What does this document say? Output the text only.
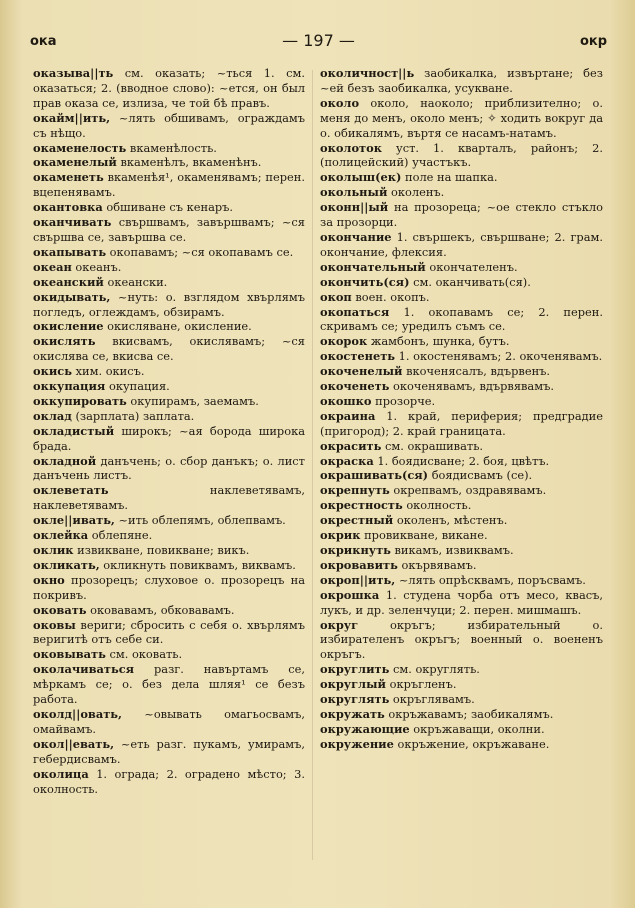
ока	— 197 —	окр

оказыва||ть см. оказать; ~ться 1. см. оказаться; 2. (вводное слово): ~ется, он был прав оказа се, излиза, че той бѣ правъ.

окайм||ить, ~лять обшивамъ, ограждамъ съ нѣщо.

окаменелость вкаменѣлость.

окаменелый вкаменѣлъ, вкаменѣнъ.

окаменеть вкаменѣя¹, окаменявамъ; перен. вцепенявамъ.

окантовка обшиване съ кенаръ.

оканчивать свършвамъ, завършвамъ; ~ся свършва се, завършва се.

окапывать окопавамъ; ~ся окопавамъ се.

океан океанъ.

океанский океански.

окидывать, ~нуть: о. взглядом хвърлямъ погледъ, оглеждамъ, обзирамъ.

окисление окисляване, окисление.

окислять вкисвамъ, окислявамъ; ~ся окислява се, вкисва се.

окись хим. окисъ.

оккупация окупация.

оккупировать окупирамъ, заемамъ.

оклад (зарплата) заплата.

окладистый широкъ; ~ая борода широка брада.

окладной данъчень; о. сбор данъкъ; о. лист данъчень листъ.

оклеветать наклеветявамъ, наклеветявамъ.

окле||ивать, ~ить облепямъ, облепвамъ.

оклейка облепяне.

оклик извикване, повикване; викъ.

окликать, окликнуть повиквамъ, виквамъ.

окно прозорецъ; слуховое о. прозорецъ на покривъ.

оковать оковавамъ, обковавамъ.

оковы вериги; сбросить с себя о. хвърлямъ веригитѣ отъ себе си.

оковывать см. оковать.

околачиваться разг. навъртамъ се, мѣркамъ се; о. без дела шляя¹ се безъ работа.

околд||овать, ~овывать омагьосвамъ, омайвамъ.

окол||евать, ~еть разг. пукамъ, умирамъ, гебердисвамъ.

околица 1. ограда; 2. оградено мѣсто; 3. околность.

околичност||ь заобикалка, извъртане; без ~ей безъ заобикалка, усукване.

около около, наоколо; приблизително; о. меня до менъ, около менъ; ✧ ходить вокруг да о. обикалямъ, въртя се насамъ-натамъ.

околоток уст. 1. кварталъ, районъ; 2. (полицейский) участъкъ.

околыш(ек) поле на шапка.

окольный околенъ.

оконн||ый на прозореца; ~ое стекло стъкло за прозорци.

окончание 1. свършекъ, свършване; 2. грам. окончание, флексия.

окончательный окончателенъ.

окончить(ся) см. оканчивать(ся).

окоп воен. окопъ.

окопаться 1. окопавамъ се; 2. перен. скривамъ се; уредилъ съмъ се.

окорок жамбонъ, шунка, бутъ.

окостенеть 1. окостенявамъ; 2. окоченявамъ.

окоченелый вкоченясалъ, вдървенъ.

окоченеть окоченявамъ, вдървявамъ.

окошко прозорче.

окраина 1. край, периферия; предградие (пригород); 2. край границата.

окрасить см. окрашивать.

окраска 1. боядисване; 2. боя, цвѣтъ.

окрашивать(ся) боядисвамъ (се).

окрепнуть окрепвамъ, оздравявамъ.

окрестность околность.

окрестный околенъ, мѣстенъ.

окрик провикване, викане.

окрикнуть викамъ, извиквамъ.

окровавить окървявамъ.

окроп||ить, ~лять опрѣсквамъ, поръсвамъ.

окрошка 1. студена чорба отъ месо, квасъ, лукъ, и др. зеленчуци; 2. перен. мишмашъ.

округ окръгъ; избирательный о. избирателенъ окръгъ; военный о. воененъ окръгъ.

округлить см. округлять.

округлый окръгленъ.

округлять окръглявамъ.

окружать окръжавамъ; заобикалямъ.

окружающие окръжаващи, околни.

окружение окръжение, окръжаване.
